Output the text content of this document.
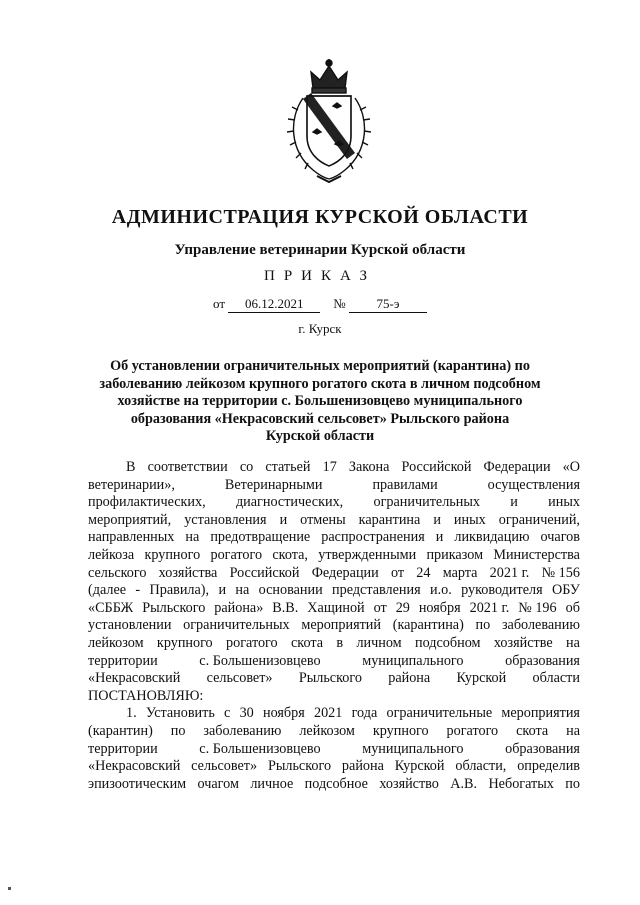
АДМИНИСТРАЦИЯ КУРСКОЙ ОБЛАСТИ
Управление ветеринарии Курской области
ПРИКАЗ
от 06.12.2021 № 75-э
г. Курск
Об установлении ограничительных мероприятий (карантина) по
заболеванию лейкозом крупного рогатого скота в личном подсобном
хозяйстве на территории с. Большенизовцево муниципального
образования «Некрасовский сельсовет» Рыльского района
Курской области
В соответствии со статьей 17 Закона Российской Федерации «О
ветеринарии»,	Ветеринарными	правилами	осуществления
профилактических, диагностических, ограничительных и иных
мероприятий, установления и отмены карантина и иных ограничений,
направленных на предотвращение распространения и ликвидацию очагов
лейкоза крупного рогатого скота, утвержденными приказом Министерства
сельского хозяйства Российской Федерации от 24 марта 2021 г. № 156
(далее - Правила), и на основании представления и.о. руководителя ОБУ
«СББЖ Рыльского района» В.В. Хащиной от 29 ноября 2021 г. № 196 об
установлении ограничительных мероприятий (карантина) по заболеванию
лейкозом крупного рогатого скота в личном подсобном хозяйстве на
территории	с. Большенизовцево	муниципального	образования
«Некрасовский сельсовет» Рыльского района Курской области
ПОСТАНОВЛЯЮ:
1. Установить с 30 ноября 2021 года ограничительные мероприятия
(карантин) по заболеванию лейкозом крупного рогатого скота на
территории	с. Большенизовцево	муниципального	образования
«Некрасовский сельсовет» Рыльского района Курской области, определив
эпизоотическим очагом личное подсобное хозяйство А.В. Небогатых по
